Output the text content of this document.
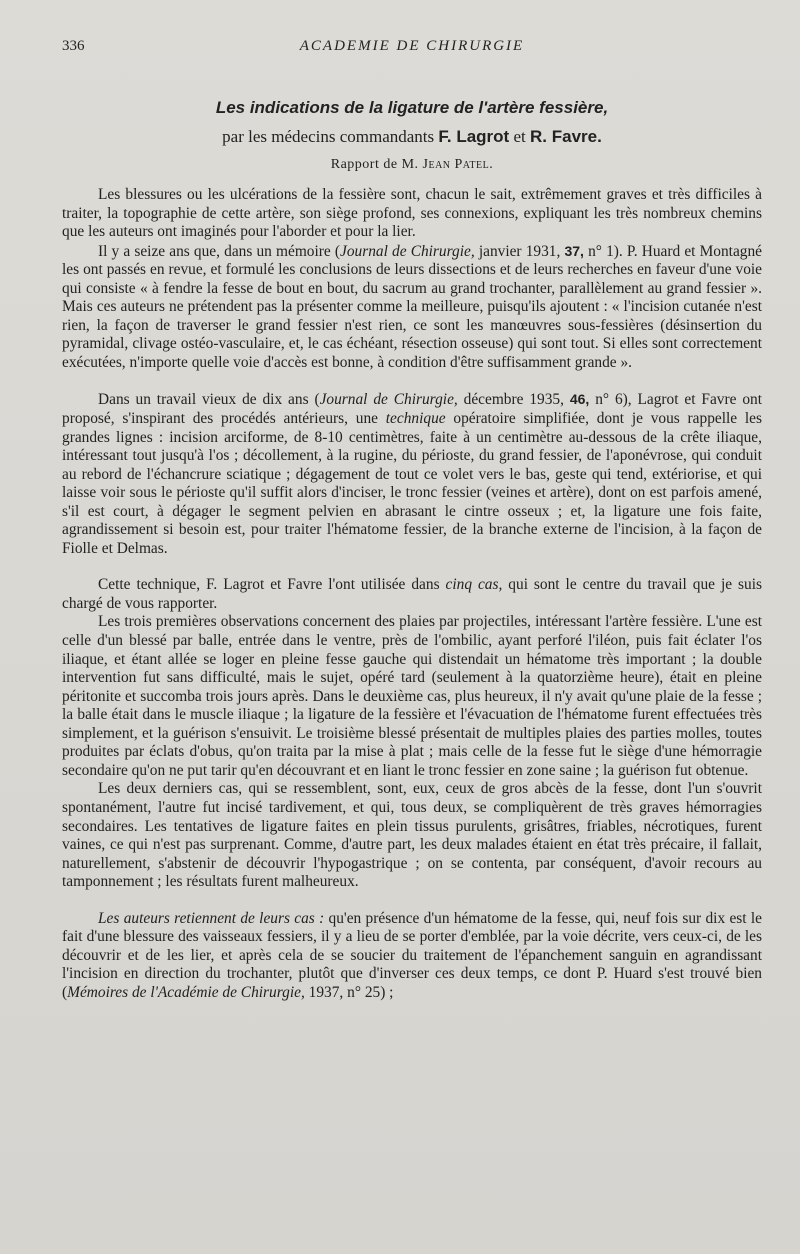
336	ACADEMIE DE CHIRURGIE
Les indications de la ligature de l'artère fessière,
par les médecins commandants F. Lagrot et R. Favre.
Rapport de M. Jean Patel.

Les blessures ou les ulcérations de la fessière sont, chacun le sait, extrêmement graves et très difficiles à traiter, la topographie de cette artère, son siège profond, ses connexions, expliquant les très nombreux chemins que les auteurs ont imaginés pour l'aborder et pour la lier.

Il y a seize ans que, dans un mémoire (Journal de Chirurgie, janvier 1931, 37, n° 1). P. Huard et Montagné les ont passés en revue, et formulé les conclusions de leurs dissections et de leurs recherches en faveur d'une voie qui consiste « à fendre la fesse de bout en bout, du sacrum au grand trochanter, parallèlement au grand fessier ». Mais ces auteurs ne prétendent pas la présenter comme la meilleure, puisqu'ils ajoutent : « l'incision cutanée n'est rien, la façon de traverser le grand fessier n'est rien, ce sont les manœuvres sous-fessières (désinsertion du pyramidal, clivage ostéo-vasculaire, et, le cas échéant, résection osseuse) qui sont tout. Si elles sont correctement exécutées, n'importe quelle voie d'accès est bonne, à condition d'être suffisamment grande ».

Dans un travail vieux de dix ans (Journal de Chirurgie, décembre 1935, 46, n° 6), Lagrot et Favre ont proposé, s'inspirant des procédés antérieurs, une technique opératoire simplifiée, dont je vous rappelle les grandes lignes : incision arciforme, de 8-10 centimètres, faite à un centimètre au-dessous de la crête iliaque, intéressant tout jusqu'à l'os ; décollement, à la rugine, du périoste, du grand fessier, de l'aponévrose, qui conduit au rebord de l'échancrure sciatique ; dégagement de tout ce volet vers le bas, geste qui tend, extériorise, et qui laisse voir sous le périoste qu'il suffit alors d'inciser, le tronc fessier (veines et artère), dont on est parfois amené, s'il est court, à dégager le segment pelvien en abrasant le cintre osseux ; et, la ligature une fois faite, agrandissement si besoin est, pour traiter l'hématome fessier, de la branche externe de l'incision, à la façon de Fiolle et Delmas.

Cette technique, F. Lagrot et Favre l'ont utilisée dans cinq cas, qui sont le centre du travail que je suis chargé de vous rapporter.

Les trois premières observations concernent des plaies par projectiles, intéressant l'artère fessière. L'une est celle d'un blessé par balle, entrée dans le ventre, près de l'ombilic, ayant perforé l'iléon, puis fait éclater l'os iliaque, et étant allée se loger en pleine fesse gauche qui distendait un hématome très important ; la double intervention fut sans difficulté, mais le sujet, opéré tard (seulement à la quatorzième heure), était en pleine péritonite et succomba trois jours après. Dans le deuxième cas, plus heureux, il n'y avait qu'une plaie de la fesse ; la balle était dans le muscle iliaque ; la ligature de la fessière et l'évacuation de l'hématome furent effectuées très simplement, et la guérison s'ensuivit. Le troisième blessé présentait de multiples plaies des parties molles, toutes produites par éclats d'obus, qu'on traita par la mise à plat ; mais celle de la fesse fut le siège d'une hémorragie secondaire qu'on ne put tarir qu'en découvrant et en liant le tronc fessier en zone saine ; la guérison fut obtenue.

Les deux derniers cas, qui se ressemblent, sont, eux, ceux de gros abcès de la fesse, dont l'un s'ouvrit spontanément, l'autre fut incisé tardivement, et qui, tous deux, se compliquèrent de très graves hémorragies secondaires. Les tentatives de ligature faites en plein tissus purulents, grisâtres, friables, nécrotiques, furent vaines, ce qui n'est pas surprenant. Comme, d'autre part, les deux malades étaient en état très précaire, il fallait, naturellement, s'abstenir de découvrir l'hypogastrique ; on se contenta, par conséquent, d'avoir recours au tamponnement ; les résultats furent malheureux.

Les auteurs retiennent de leurs cas : qu'en présence d'un hématome de la fesse, qui, neuf fois sur dix est le fait d'une blessure des vaisseaux fessiers, il y a lieu de se porter d'emblée, par la voie décrite, vers ceux-ci, de les découvrir et de les lier, et après cela de se soucier du traitement de l'épanchement sanguin en agrandissant l'incision en direction du trochanter, plutôt que d'inverser ces deux temps, ce dont P. Huard s'est trouvé bien (Mémoires de l'Académie de Chirurgie, 1937, n° 25) ;
